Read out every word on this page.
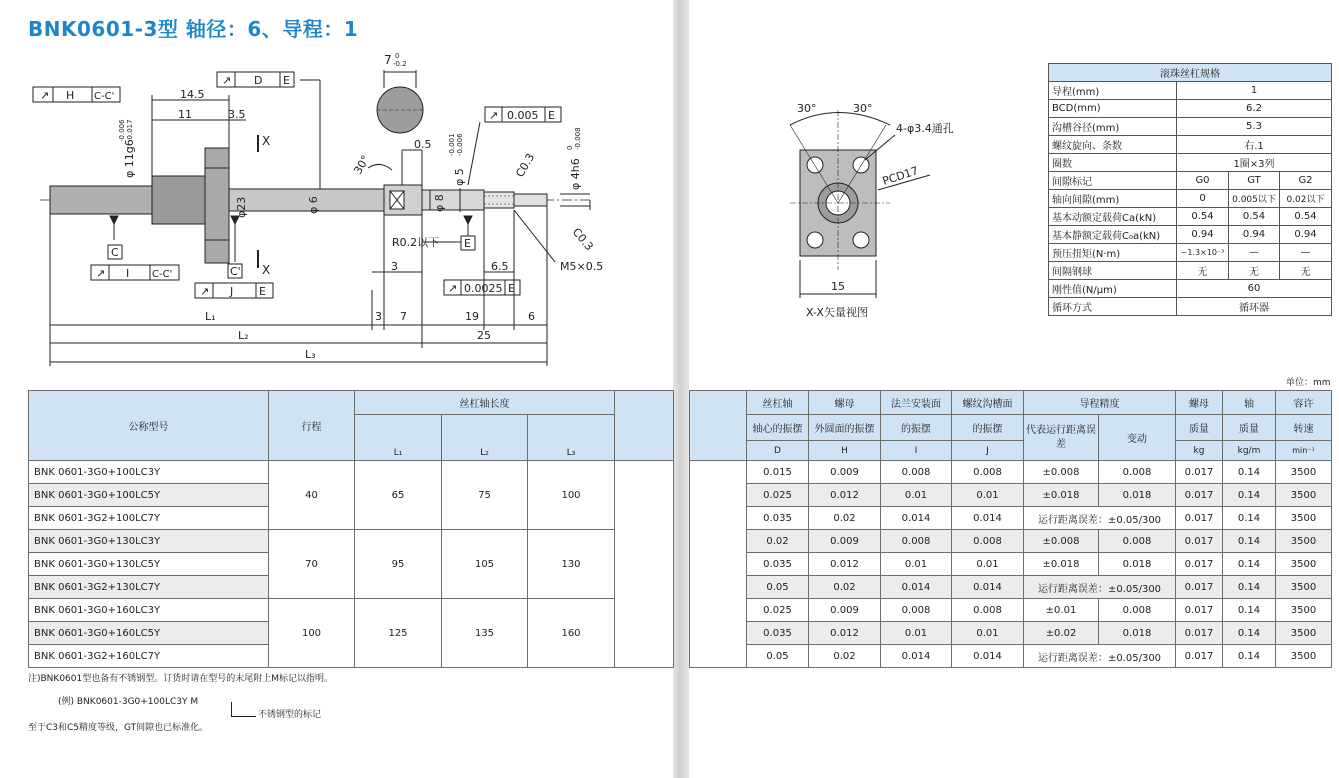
BNK0601-3型 轴径：6、导程：1
↗ H C-C'
↗ D E
↗ I C-C'
↗ J E
↗ 0.005 E
↗ 0.0025 E
7 0
-0.2
14.5
11	3.5
φ 11g6
-0.006 -0.017
φ23	φ 6	φ 8
φ 5
-0.001 -0.006
φ 4h6
0 -0.008
0.5
30°	C0.3
C0.3
X
X
C
C'
E
R0.2以下
3	6.5	M5×0.5
L₁	3 7	19	6
L₂	25
L₃
30°	30°
4-φ3.4通孔
PCD17
15
X-X矢量视图
滚珠丝杠规格			
导程(mm)	1		
BCD(mm)	6.2		
沟槽谷径(mm)	5.3		
螺纹旋向、条数	右.1		
圈数	1圈×3列		
间隙标记	G0	GT	G2
轴向间隙(mm)	0	0.005以下	0.02以下
基本动额定载荷Ca(kN)	0.54	0.54	0.54
基本静额定载荷C₀a(kN)	0.94	0.94	0.94
预压扭矩(N·m)	~1.3×10⁻³	—	—
间隔钢球	无	无	无
刚性值(N/μm)	60		
循环方式	循环器		
单位：mm
公称型号	行程	丝杠轴长度			
		L₁	L₂	L₃	

BNK 0601-3G0+100LC3Y	40	65	75	100	
BNK 0601-3G0+100LC5Y					
BNK 0601-3G2+100LC7Y					
BNK 0601-3G0+130LC3Y	70	95	105	130	
BNK 0601-3G0+130LC5Y					
BNK 0601-3G2+130LC7Y					
BNK 0601-3G0+160LC3Y	100	125	135	160	
BNK 0601-3G0+160LC5Y					
BNK 0601-3G2+160LC7Y					
	丝杠轴	螺母	法兰安装面	螺纹沟槽面	导程精度		螺母	轴	容许
	轴心的振摆	外圆面的振摆	的振摆	的振摆	代表运行距离误差	变动	质量	质量	转速
	D	H	I	J			kg	kg/m	min⁻¹
	0.015	0.009	0.008	0.008	±0.008	0.008	0.017	0.14	3500
	0.025	0.012	0.01	0.01	±0.018	0.018	0.017	0.14	3500
	0.035	0.02	0.014	0.014	运行距离误差：±0.05/300		0.017	0.14	3500
	0.02	0.009	0.008	0.008	±0.008	0.008	0.017	0.14	3500
	0.035	0.012	0.01	0.01	±0.018	0.018	0.017	0.14	3500
	0.05	0.02	0.014	0.014	运行距离误差：±0.05/300		0.017	0.14	3500
	0.025	0.009	0.008	0.008	±0.01	0.008	0.017	0.14	3500
	0.035	0.012	0.01	0.01	±0.02	0.018	0.017	0.14	3500
	0.05	0.02	0.014	0.014	运行距离误差：±0.05/300		0.017	0.14	3500
注)BNK0601型也备有不锈钢型。订货时请在型号的末尾附上M标记以指明。
(例) BNK0601-3G0+100LC3Y M
不锈钢型的标记
至于C3和C5精度等级，GT间隙也已标准化。
